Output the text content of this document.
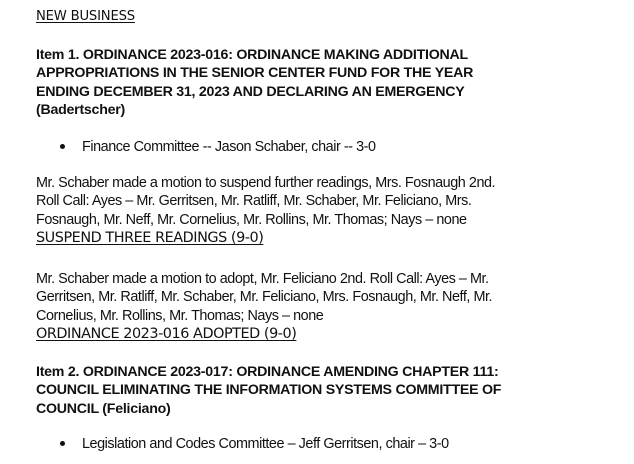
NEW BUSINESS
Item 1. ORDINANCE 2023-016: ORDINANCE MAKING ADDITIONAL
APPROPRIATIONS IN THE SENIOR CENTER FUND FOR THE YEAR
ENDING DECEMBER 31, 2023 AND DECLARING AN EMERGENCY
(Badertscher)
Finance Committee -- Jason Schaber, chair -- 3-0
Mr. Schaber made a motion to suspend further readings, Mrs. Fosnaugh 2nd.
Roll Call: Ayes – Mr. Gerritsen, Mr. Ratliff, Mr. Schaber, Mr. Feliciano, Mrs.
Fosnaugh, Mr. Neff, Mr. Cornelius, Mr. Rollins, Mr. Thomas; Nays – none
SUSPEND THREE READINGS (9-0)
Mr. Schaber made a motion to adopt, Mr. Feliciano 2nd. Roll Call: Ayes – Mr.
Gerritsen, Mr. Ratliff, Mr. Schaber, Mr. Feliciano, Mrs. Fosnaugh, Mr. Neff, Mr.
Cornelius, Mr. Rollins, Mr. Thomas; Nays – none
ORDINANCE 2023-016 ADOPTED (9-0)
Item 2. ORDINANCE 2023-017: ORDINANCE AMENDING CHAPTER 111:
COUNCIL ELIMINATING THE INFORMATION SYSTEMS COMMITTEE OF
COUNCIL (Feliciano)
Legislation and Codes Committee – Jeff Gerritsen, chair – 3-0
